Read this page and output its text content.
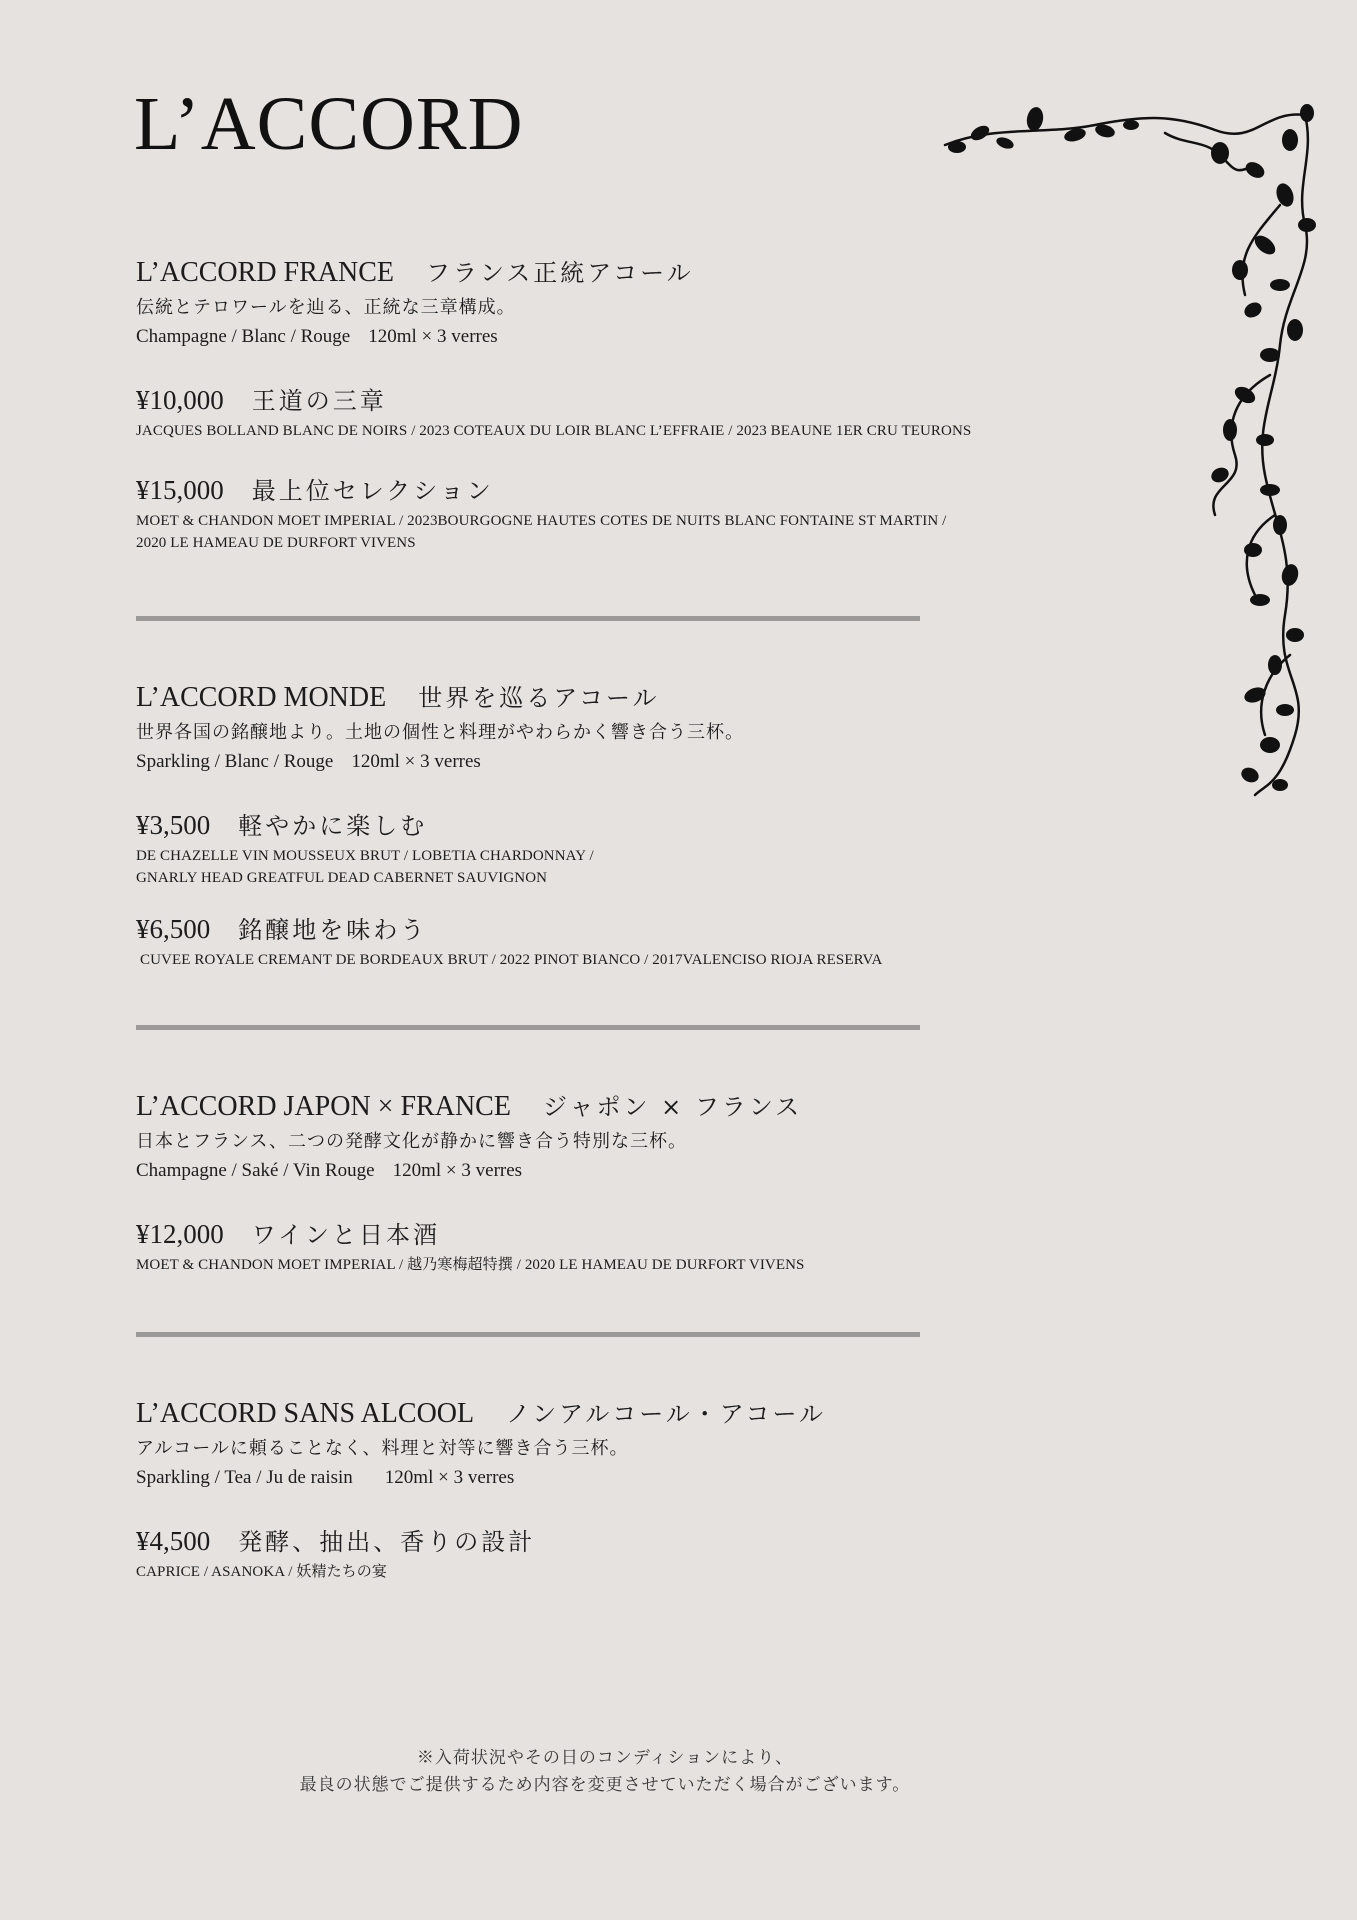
L’ACCORD
L’ACCORD FRANCE フランス正統アコール

伝統とテロワールを辿る、正統な三章構成。

Champagne / Blanc / Rouge 120ml × 3 verres

¥10,000 王道の三章
JACQUES BOLLAND BLANC DE NOIRS / 2023 COTEAUX DU LOIR BLANC L’EFFRAIE / 2023 BEAUNE 1ER CRU TEURONS
¥15,000 最上位セレクション
MOET & CHANDON MOET IMPERIAL / 2023BOURGOGNE HAUTES COTES DE NUITS BLANC FONTAINE ST MARTIN /
2020 LE HAMEAU DE DURFORT VIVENS
L’ACCORD MONDE 世界を巡るアコール

世界各国の銘醸地より。土地の個性と料理がやわらかく響き合う三杯。

Sparkling / Blanc / Rouge 120ml × 3 verres

¥3,500 軽やかに楽しむ
DE CHAZELLE VIN MOUSSEUX BRUT / LOBETIA CHARDONNAY /
GNARLY HEAD GREATFUL DEAD CABERNET SAUVIGNON
¥6,500 銘醸地を味わう
CUVEE ROYALE CREMANT DE BORDEAUX BRUT / 2022 PINOT BIANCO / 2017VALENCISO RIOJA RESERVA
L’ACCORD JAPON × FRANCE ジャポン × フランス

日本とフランス、二つの発酵文化が静かに響き合う特別な三杯。

Champagne / Saké / Vin Rouge 120ml × 3 verres

¥12,000 ワインと日本酒
MOET & CHANDON MOET IMPERIAL / 越乃寒梅超特撰 / 2020 LE HAMEAU DE DURFORT VIVENS
L’ACCORD SANS ALCOOL ノンアルコール・アコール

アルコールに頼ることなく、料理と対等に響き合う三杯。

Sparkling / Tea / Ju de raisin 120ml × 3 verres

¥4,500 発酵、抽出、香りの設計
CAPRICE / ASANOKA / 妖精たちの宴
※入荷状況やその日のコンディションにより、
最良の状態でご提供するため内容を変更させていただく場合がございます。
